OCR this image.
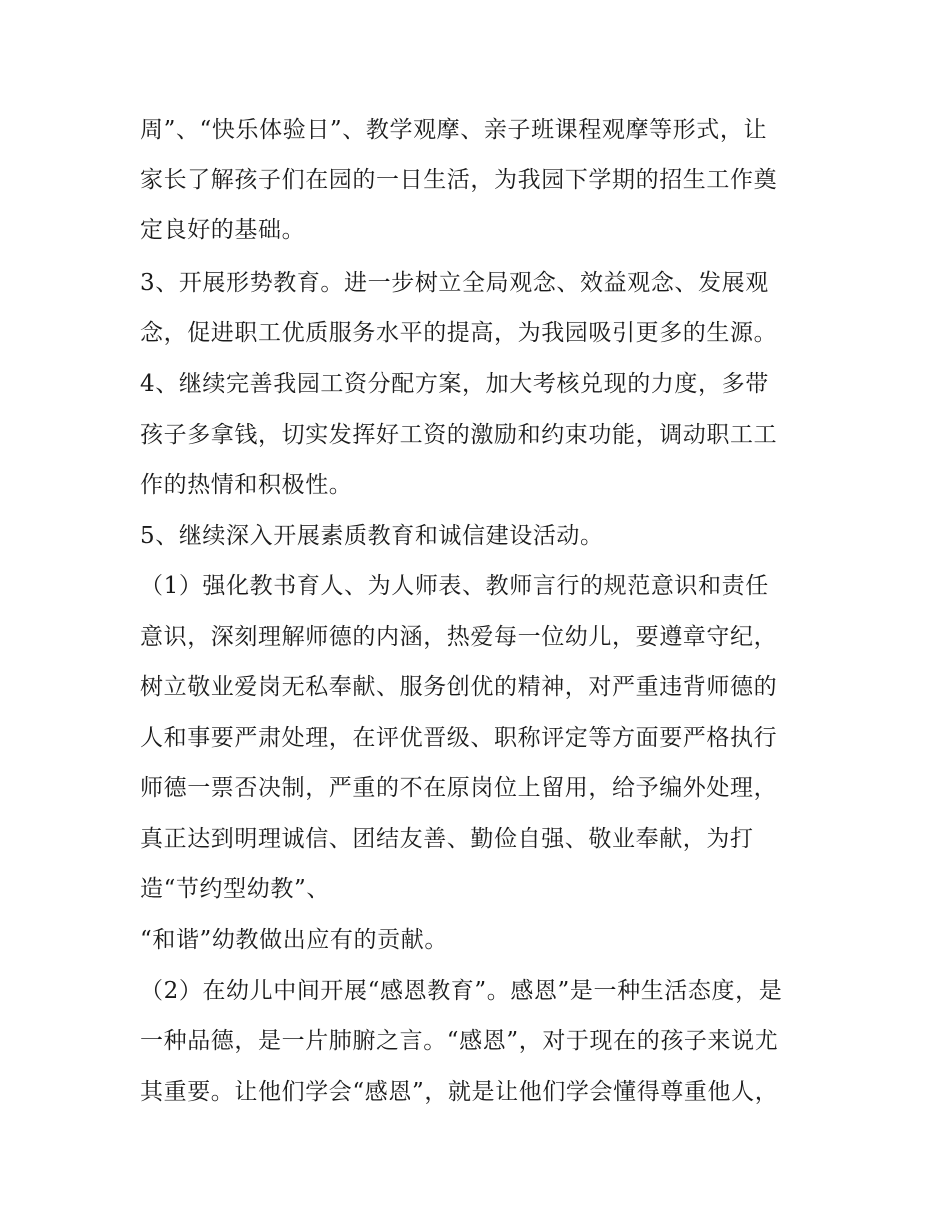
周”、“快乐体验日”、教学观摩、亲子班课程观摩等形式，让
家长了解孩子们在园的一日生活，为我园下学期的招生工作奠
定良好的基础。
3、开展形势教育。进一步树立全局观念、效益观念、发展观
念，促进职工优质服务水平的提高，为我园吸引更多的生源。
4、继续完善我园工资分配方案，加大考核兑现的力度，多带
孩子多拿钱，切实发挥好工资的激励和约束功能，调动职工工
作的热情和积极性。
5、继续深入开展素质教育和诚信建设活动。
（1）强化教书育人、为人师表、教师言行的规范意识和责任
意识，深刻理解师德的内涵，热爱每一位幼儿，要遵章守纪，
树立敬业爱岗无私奉献、服务创优的精神，对严重违背师德的
人和事要严肃处理，在评优晋级、职称评定等方面要严格执行
师德一票否决制，严重的不在原岗位上留用，给予编外处理，
真正达到明理诚信、团结友善、勤俭自强、敬业奉献，为打
造“节约型幼教”、
“和谐”幼教做出应有的贡献。
（2）在幼儿中间开展“感恩教育”。感恩”是一种生活态度，是
一种品德，是一片肺腑之言。“感恩”，对于现在的孩子来说尤
其重要。让他们学会“感恩”，就是让他们学会懂得尊重他人，
